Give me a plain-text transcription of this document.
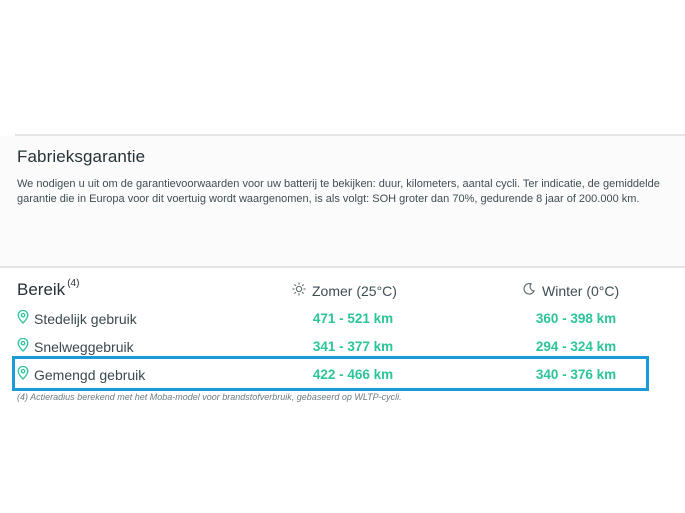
Fabrieksgarantie
We nodigen u uit om de garantievoorwaarden voor uw batterij te bekijken: duur, kilometers, aantal cycli. Ter indicatie, de gemiddelde garantie die in Europa voor dit voertuig wordt waargenomen, is als volgt: SOH groter dan 70%, gedurende 8 jaar of 200.000 km.
Bereik $^{(4)}$	Zomer (25°C)	Winter (0°C)
Stedelijk gebruik	471 - 521 km	360 - 398 km
Snelweggebruik	341 - 377 km	294 - 324 km
Gemengd gebruik	422 - 466 km	340 - 376 km
(4) Actieradius berekend met het Moba-model voor brandstofverbruik, gebaseerd op WLTP-cycli.
